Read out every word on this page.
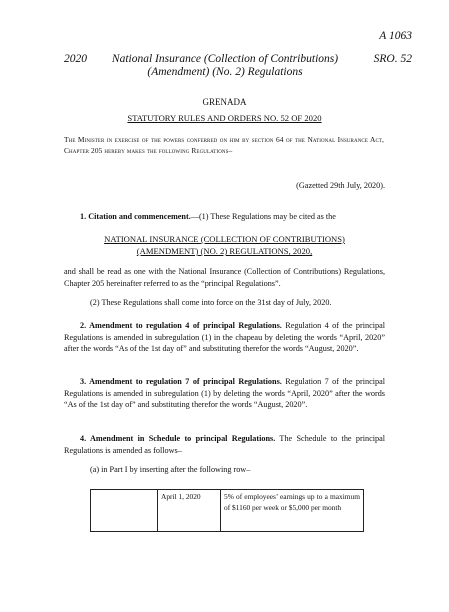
A 1063
2020	National Insurance (Collection of Contributions)
(Amendment) (No. 2) Regulations
SRO. 52
GRENADA
STATUTORY RULES AND ORDERS NO. 52 OF 2020
The Minister in exercise of the powers conferred on him by section 64 of the National Insurance Act, Chapter 205 hereby makes the following Regulations–
(Gazetted 29th July, 2020).
1. Citation and commencement.—(1) These Regulations may be cited as the
NATIONAL INSURANCE (COLLECTION OF CONTRIBUTIONS)
(AMENDMENT) (NO. 2) REGULATIONS, 2020,
and shall be read as one with the National Insurance (Collection of Contributions) Regulations, Chapter 205 hereinafter referred to as the “principal Regulations”.
(2) These Regulations shall come into force on the 31st day of July, 2020.
2. Amendment to regulation 4 of principal Regulations. Regulation 4 of the principal Regulations is amended in subregulation (1) in the chapeau by deleting the words “April, 2020” after the words “As of the 1st day of” and substituting therefor the words “August, 2020”.
3. Amendment to regulation 7 of principal Regulations. Regulation 7 of the principal Regulations is amended in subregulation (1) by deleting the words “April, 2020” after the words “As of the 1st day of” and substituting therefor the words “August, 2020”.
4. Amendment in Schedule to principal Regulations. The Schedule to the principal Regulations is amended as follows–
(a) in Part I by inserting after the following row–
	April 1, 2020	5% of employees’ earnings up to a maximum of $1160 per week or $5,000 per month
